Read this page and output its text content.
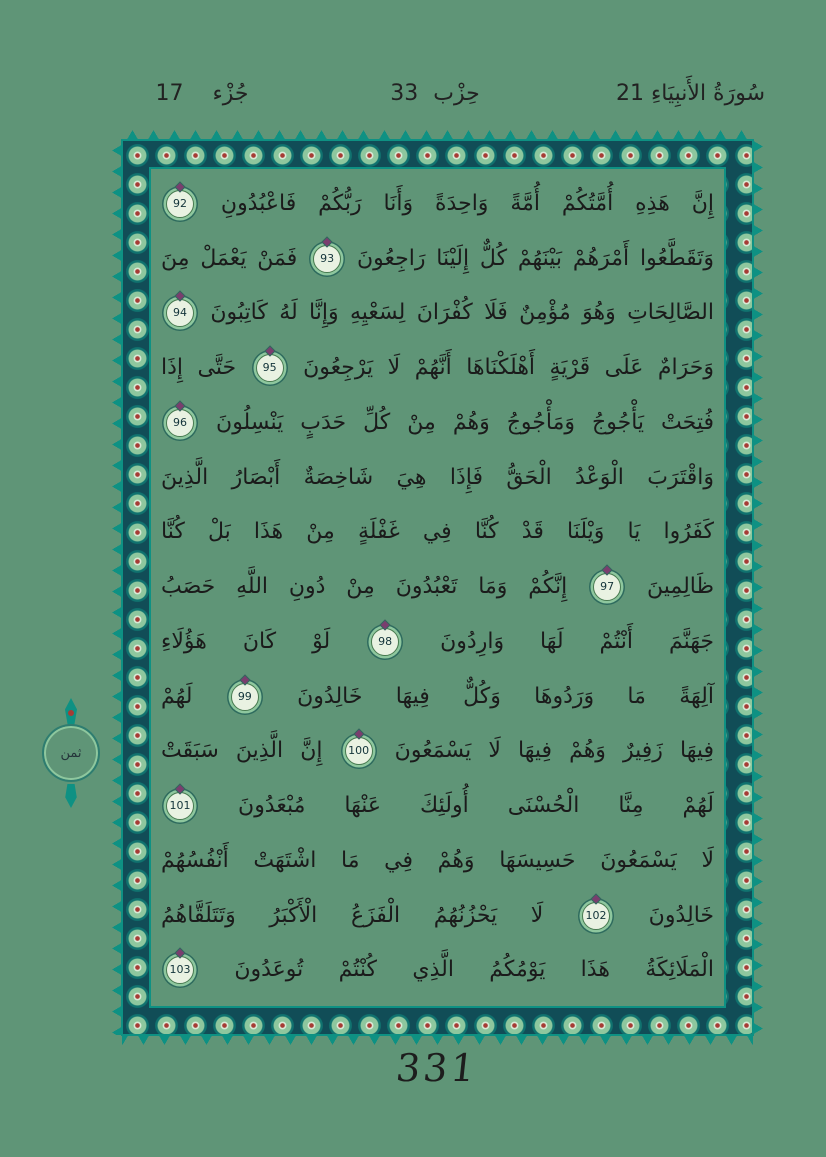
جُزْء 17	حِزْب 33	سُورَةُ الأَنبِيَاءِ 21
إِنَّ هَذِهِ أُمَّتُكُمْ أُمَّةً وَاحِدَةً وَأَنَا رَبُّكُمْ فَاعْبُدُونِ 92
وَتَقَطَّعُوا أَمْرَهُمْ بَيْنَهُمْ كُلٌّ إِلَيْنَا رَاجِعُونَ 93 فَمَنْ يَعْمَلْ مِنَ
الصَّالِحَاتِ وَهُوَ مُؤْمِنٌ فَلَا كُفْرَانَ لِسَعْيِهِ وَإِنَّا لَهُ كَاتِبُونَ 94
وَحَرَامٌ عَلَى قَرْيَةٍ أَهْلَكْنَاهَا أَنَّهُمْ لَا يَرْجِعُونَ 95 حَتَّى إِذَا
فُتِحَتْ يَأْجُوجُ وَمَأْجُوجُ وَهُمْ مِنْ كُلِّ حَدَبٍ يَنْسِلُونَ 96
وَاقْتَرَبَ الْوَعْدُ الْحَقُّ فَإِذَا هِيَ شَاخِصَةٌ أَبْصَارُ الَّذِينَ
كَفَرُوا يَا وَيْلَنَا قَدْ كُنَّا فِي غَفْلَةٍ مِنْ هَذَا بَلْ كُنَّا
ظَالِمِينَ 97 إِنَّكُمْ وَمَا تَعْبُدُونَ مِنْ دُونِ اللَّهِ حَصَبُ
جَهَنَّمَ أَنْتُمْ لَهَا وَارِدُونَ 98 لَوْ كَانَ هَؤُلَاءِ
آلِهَةً مَا وَرَدُوهَا وَكُلٌّ فِيهَا خَالِدُونَ 99 لَهُمْ
فِيهَا زَفِيرٌ وَهُمْ فِيهَا لَا يَسْمَعُونَ 100 إِنَّ الَّذِينَ سَبَقَتْ
لَهُمْ مِنَّا الْحُسْنَى أُولَئِكَ عَنْهَا مُبْعَدُونَ 101
لَا يَسْمَعُونَ حَسِيسَهَا وَهُمْ فِي مَا اشْتَهَتْ أَنْفُسُهُمْ
خَالِدُونَ 102 لَا يَحْزُنُهُمُ الْفَزَعُ الْأَكْبَرُ وَتَتَلَقَّاهُمُ
الْمَلَائِكَةُ هَذَا يَوْمُكُمُ الَّذِي كُنْتُمْ تُوعَدُونَ 103
ثمن
331
